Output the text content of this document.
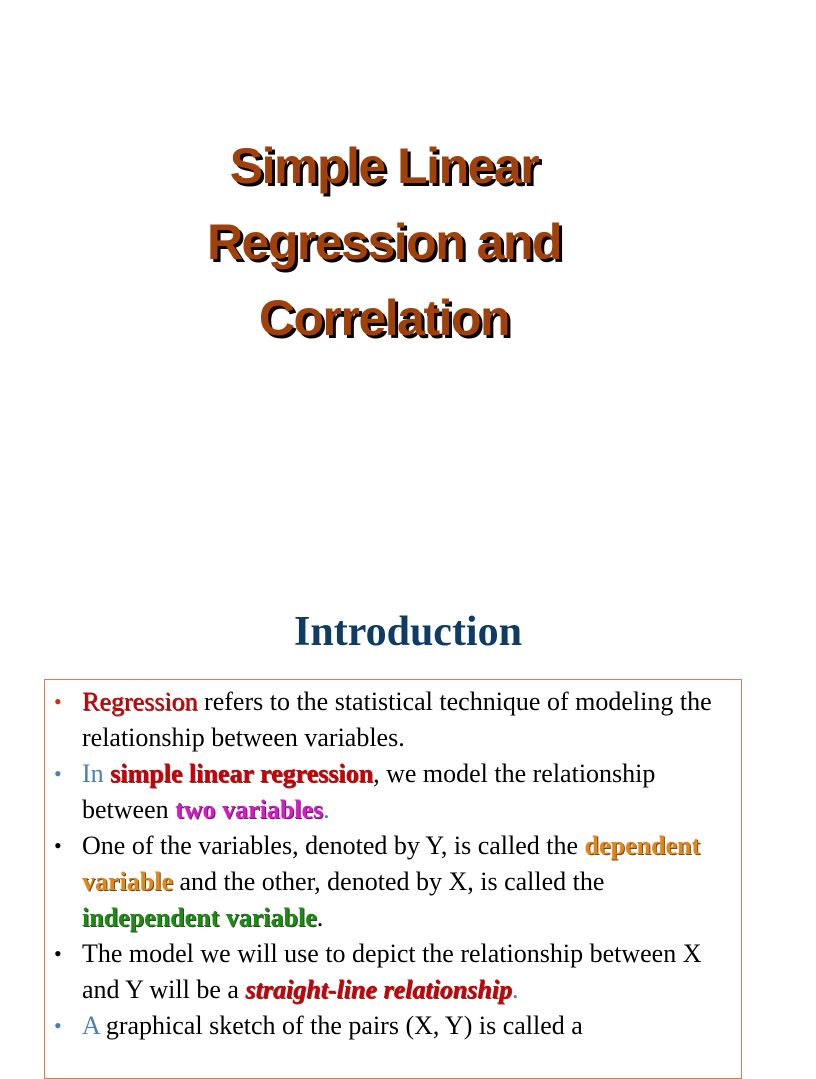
Simple Linear
Regression and
Correlation
Introduction
• Regression refers to the statistical technique of modeling the relationship between variables.
• In simple linear regression, we model the relationship between two variables.
• One of the variables, denoted by Y, is called the dependent variable and the other, denoted by X, is called the independent variable.
• The model we will use to depict the relationship between X and Y will be a straight-line relationship.
• A graphical sketch of the pairs (X, Y) is called a
